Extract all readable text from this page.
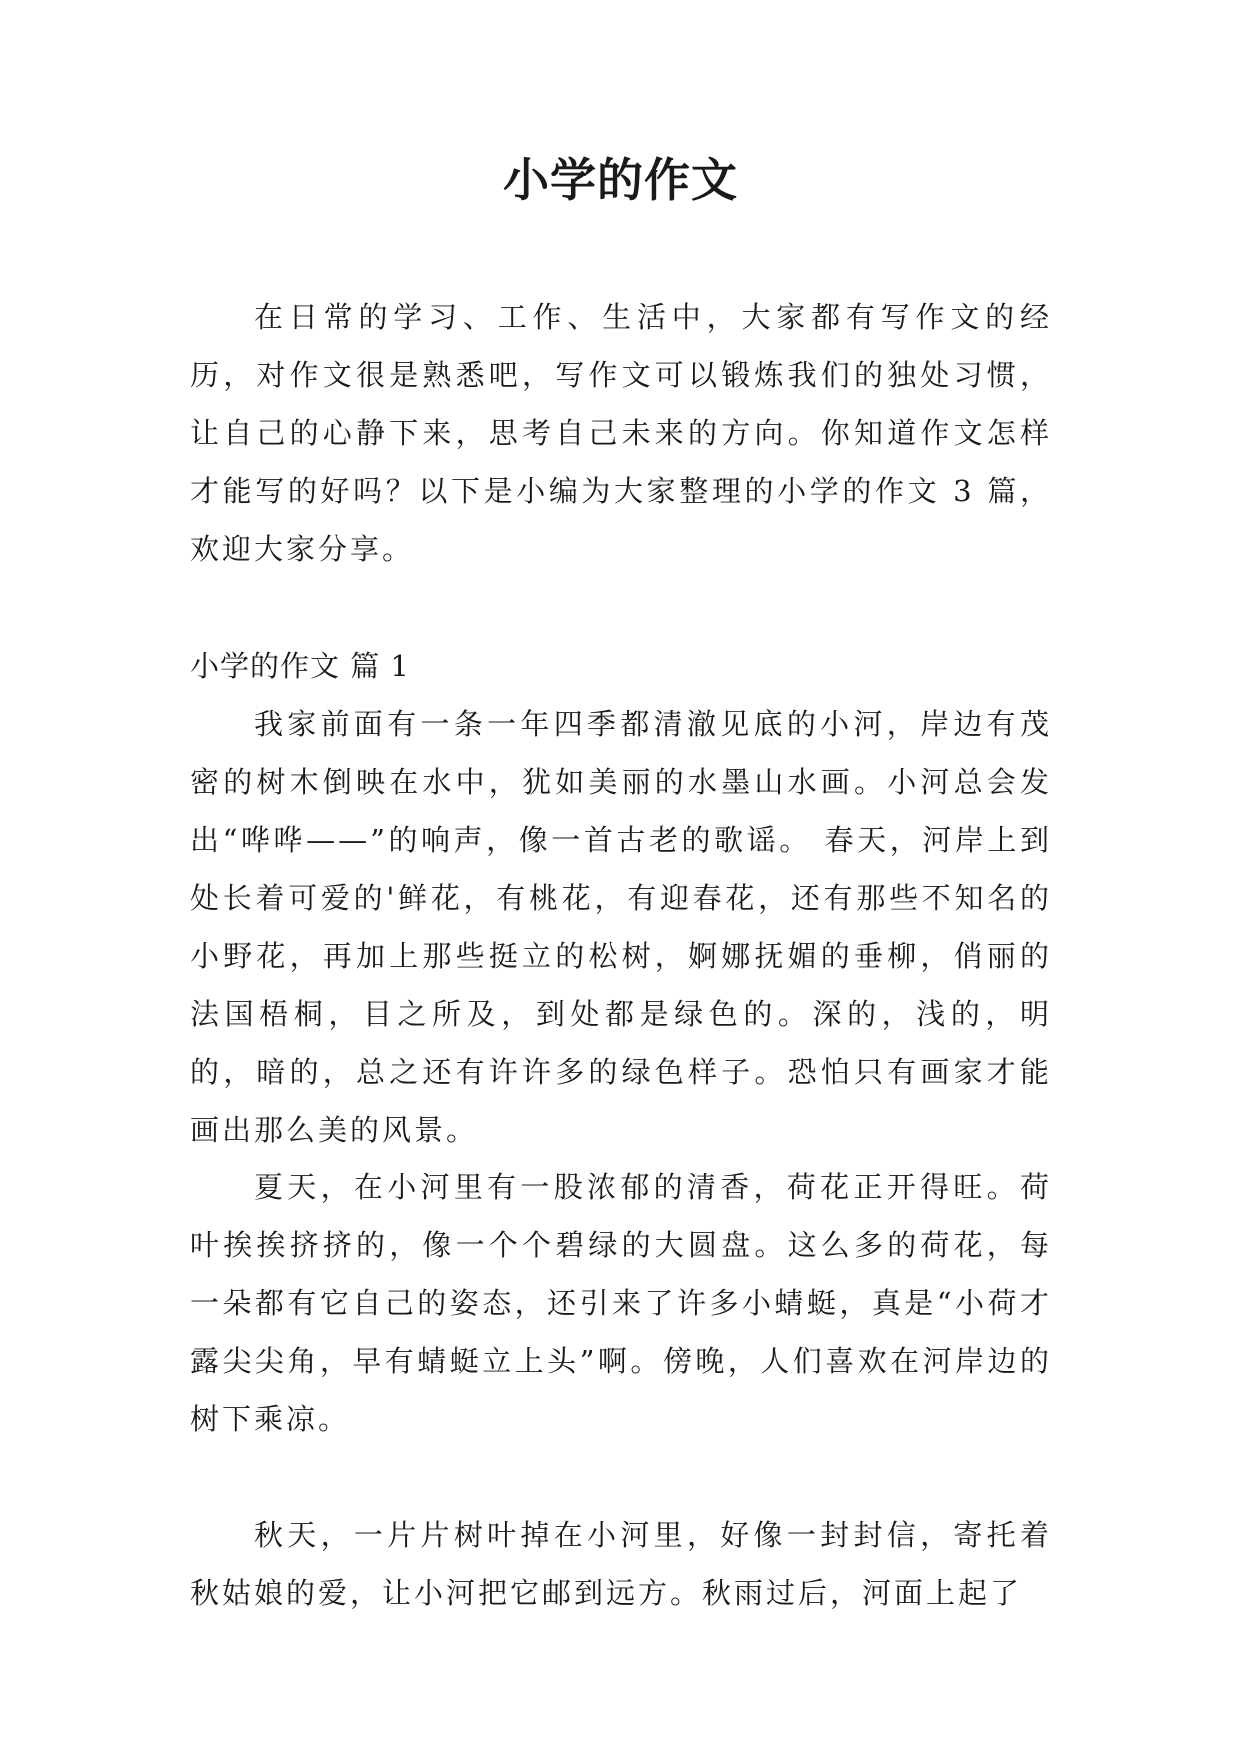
小学的作文

在日常的学习、工作、生活中，大家都有写作文的经历，对作文很是熟悉吧，写作文可以锻炼我们的独处习惯，让自己的心静下来，思考自己未来的方向。你知道作文怎样才能写的好吗？以下是小编为大家整理的小学的作文 3 篇，欢迎大家分享。

小学的作文 篇 1

我家前面有一条一年四季都清澈见底的小河，岸边有茂密的树木倒映在水中，犹如美丽的水墨山水画。小河总会发出“哗哗——”的响声，像一首古老的歌谣。 春天，河岸上到处长着可爱的'鲜花，有桃花，有迎春花，还有那些不知名的小野花，再加上那些挺立的松树，婀娜抚媚的垂柳，俏丽的法国梧桐，目之所及，到处都是绿色的。深的，浅的，明的，暗的，总之还有许许多的绿色样子。恐怕只有画家才能画出那么美的风景。

夏天，在小河里有一股浓郁的清香，荷花正开得旺。荷叶挨挨挤挤的，像一个个碧绿的大圆盘。这么多的荷花，每一朵都有它自己的姿态，还引来了许多小蜻蜓，真是“小荷才露尖尖角，早有蜻蜓立上头”啊。傍晚，人们喜欢在河岸边的树下乘凉。

秋天，一片片树叶掉在小河里，好像一封封信，寄托着秋姑娘的爱，让小河把它邮到远方。秋雨过后，河面上起了
